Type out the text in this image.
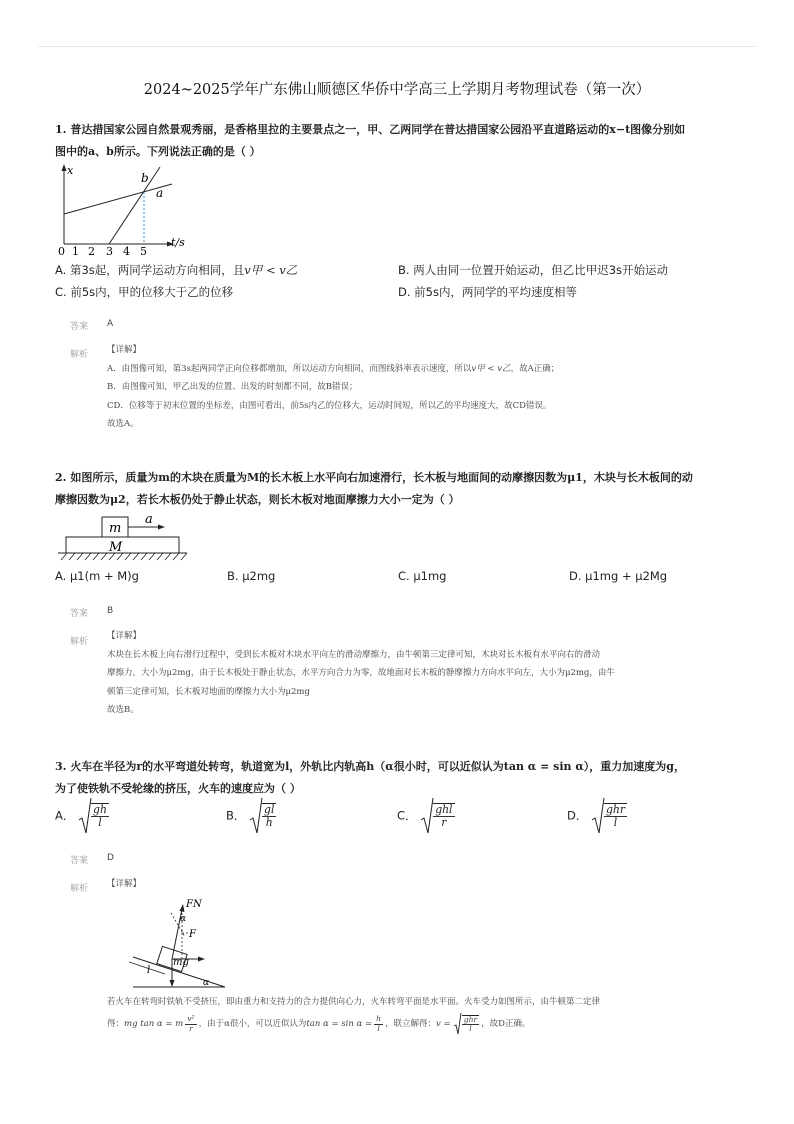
2024~2025学年广东佛山顺德区华侨中学高三上学期月考物理试卷（第一次）
1. 普达措国家公园自然景观秀丽，是香格里拉的主要景点之一，甲、乙两同学在普达措国家公园沿平直道路运动的x−t图像分别如
图中的a、b所示。下列说法正确的是（ ）
x
t/s
b
a
0 1 2 3 4 5
A. 第3s起，两同学运动方向相同，且v甲 < v乙	B. 两人由同一位置开始运动，但乙比甲迟3s开始运动
C. 前5s内，甲的位移大于乙的位移	D. 前5s内，两同学的平均速度相等
答案 A
解析 【详解】
A．由图像可知，第3s起两同学正向位移都增加，所以运动方向相同，而图线斜率表示速度，所以v甲 < v乙，故A正确；
B．由图像可知，甲乙出发的位置、出发的时刻都不同，故B错误；
CD．位移等于初末位置的坐标差，由图可看出，前5s内乙的位移大，运动时间短，所以乙的平均速度大，故CD错误。
故选A。
2. 如图所示，质量为m的木块在质量为M的长木板上水平向右加速滑行，长木板与地面间的动摩擦因数为μ1，木块与长木板间的动
摩擦因数为μ2，若长木板仍处于静止状态，则长木板对地面摩擦力大小一定为（ ）
m
M
a
A. μ1(m + M)g	B. μ2mg	C. μ1mg	D. μ1mg + μ2Mg
答案 B
解析
【详解】
木块在长木板上向右滑行过程中，受到长木板对木块水平向左的滑动摩擦力，由牛顿第三定律可知，木块对长木板有水平向右的滑动
摩擦力，大小为μ2mg，由于长木板处于静止状态，水平方向合力为零，故地面对长木板的静摩擦力方向水平向左，大小为μ2mg，由牛
顿第三定律可知，长木板对地面的摩擦力大小为μ2mg
故选B。
3. 火车在半径为r的水平弯道处转弯，轨道宽为l，外轨比内轨高h（α很小时，可以近似认为tan α = sin α），重力加速度为g，
为了使铁轨不受轮缘的挤压，火车的速度应为（ ）
A． $\frac{gh}{l}$	B． $\frac{gl}{h}$	C． $\frac{\text{ghl}}{r}$	D． $\frac{\text{ghr}}{l}$
答案 D
解析 【详解】
FN
F
mg
α
α
l
若火车在转弯时铁轨不受挤压，即由重力和支持力的合力提供向心力，火车转弯平面是水平面。火车受力如图所示，由牛顿第二定律
得： mg tan α = m $\frac{\text{v²}}{r}$ ，由于α很小，可以近似认为 $\tan \alpha = \sin \alpha = \frac{h}{l}$ ，联立解得： $v = \frac{\text{ghr}}{l}$ ，故D正确。
